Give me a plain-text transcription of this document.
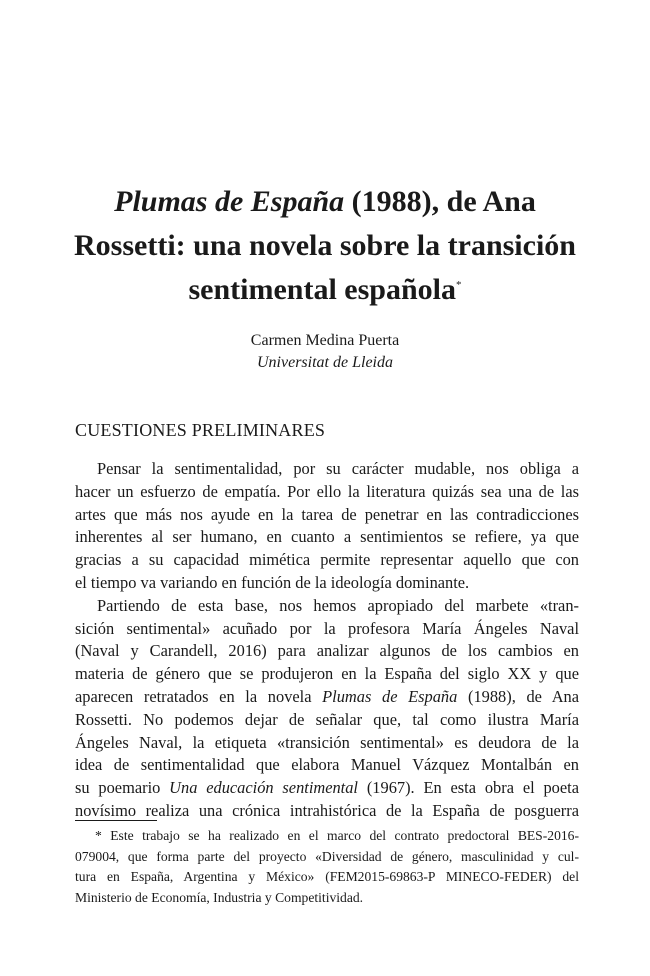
Plumas de España (1988), de Ana
Rossetti: una novela sobre la transición
sentimental española*
Carmen Medina Puerta
Universitat de Lleida
CUESTIONES PRELIMINARES
Pensar la sentimentalidad, por su carácter mudable, nos obliga a
hacer un esfuerzo de empatía. Por ello la literatura quizás sea una de las
artes que más nos ayude en la tarea de penetrar en las contradicciones
inherentes al ser humano, en cuanto a sentimientos se refiere, ya que
gracias a su capacidad mimética permite representar aquello que con
el tiempo va variando en función de la ideología dominante.
Partiendo de esta base, nos hemos apropiado del marbete «tran-
sición sentimental» acuñado por la profesora María Ángeles Naval
(Naval y Carandell, 2016) para analizar algunos de los cambios en
materia de género que se produjeron en la España del siglo XX y que
aparecen retratados en la novela Plumas de España (1988), de Ana
Rossetti. No podemos dejar de señalar que, tal como ilustra María
Ángeles Naval, la etiqueta «transición sentimental» es deudora de la
idea de sentimentalidad que elabora Manuel Vázquez Montalbán en
su poemario Una educación sentimental (1967). En esta obra el poeta
novísimo realiza una crónica intrahistórica de la España de posguerra
* Este trabajo se ha realizado en el marco del contrato predoctoral BES-2016-
079004, que forma parte del proyecto «Diversidad de género, masculinidad y cul-
tura en España, Argentina y México» (FEM2015-69863-P MINECO-FEDER) del
Ministerio de Economía, Industria y Competitividad.
